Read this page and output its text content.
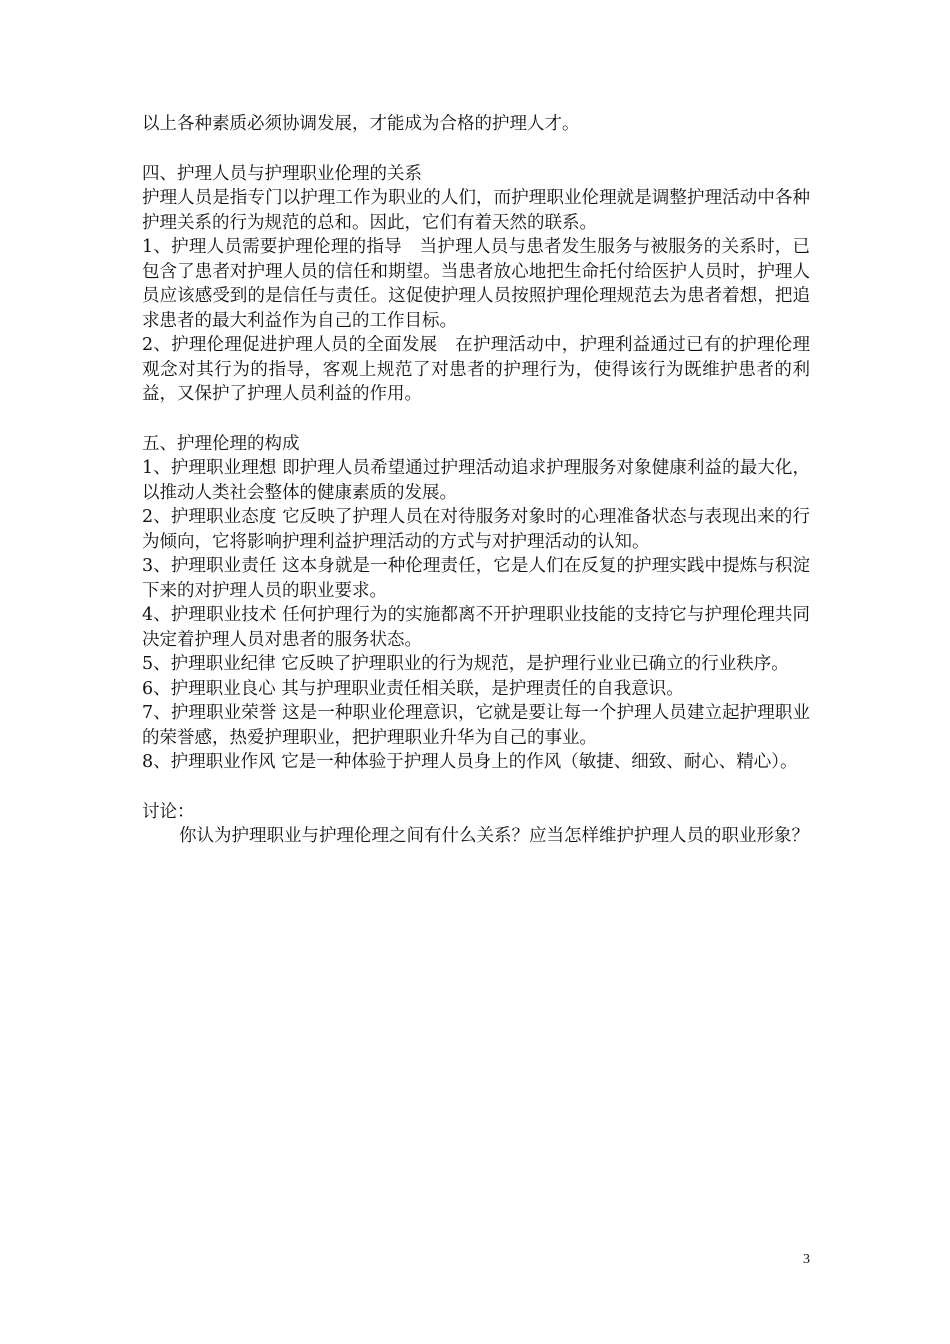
以上各种素质必须协调发展，才能成为合格的护理人才。

四、护理人员与护理职业伦理的关系

护理人员是指专门以护理工作为职业的人们，而护理职业伦理就是调整护理活动中各种护理关系的行为规范的总和。因此，它们有着天然的联系。

1、护理人员需要护理伦理的指导　当护理人员与患者发生服务与被服务的关系时，已包含了患者对护理人员的信任和期望。当患者放心地把生命托付给医护人员时，护理人员应该感受到的是信任与责任。这促使护理人员按照护理伦理规范去为患者着想，把追求患者的最大利益作为自己的工作目标。

2、护理伦理促进护理人员的全面发展　在护理活动中，护理利益通过已有的护理伦理观念对其行为的指导，客观上规范了对患者的护理行为，使得该行为既维护患者的利益，又保护了护理人员利益的作用。

五、护理伦理的构成

1、护理职业理想 即护理人员希望通过护理活动追求护理服务对象健康利益的最大化，以推动人类社会整体的健康素质的发展。

2、护理职业态度 它反映了护理人员在对待服务对象时的心理准备状态与表现出来的行为倾向，它将影响护理利益护理活动的方式与对护理活动的认知。

3、护理职业责任 这本身就是一种伦理责任，它是人们在反复的护理实践中提炼与积淀下来的对护理人员的职业要求。

4、护理职业技术 任何护理行为的实施都离不开护理职业技能的支持它与护理伦理共同决定着护理人员对患者的服务状态。

5、护理职业纪律 它反映了护理职业的行为规范，是护理行业业已确立的行业秩序。

6、护理职业良心 其与护理职业责任相关联，是护理责任的自我意识。

7、护理职业荣誉 这是一种职业伦理意识，它就是要让每一个护理人员建立起护理职业的荣誉感，热爱护理职业，把护理职业升华为自己的事业。

8、护理职业作风 它是一种体验于护理人员身上的作风（敏捷、细致、耐心、精心）。

讨论：

你认为护理职业与护理伦理之间有什么关系？应当怎样维护护理人员的职业形象？

3
